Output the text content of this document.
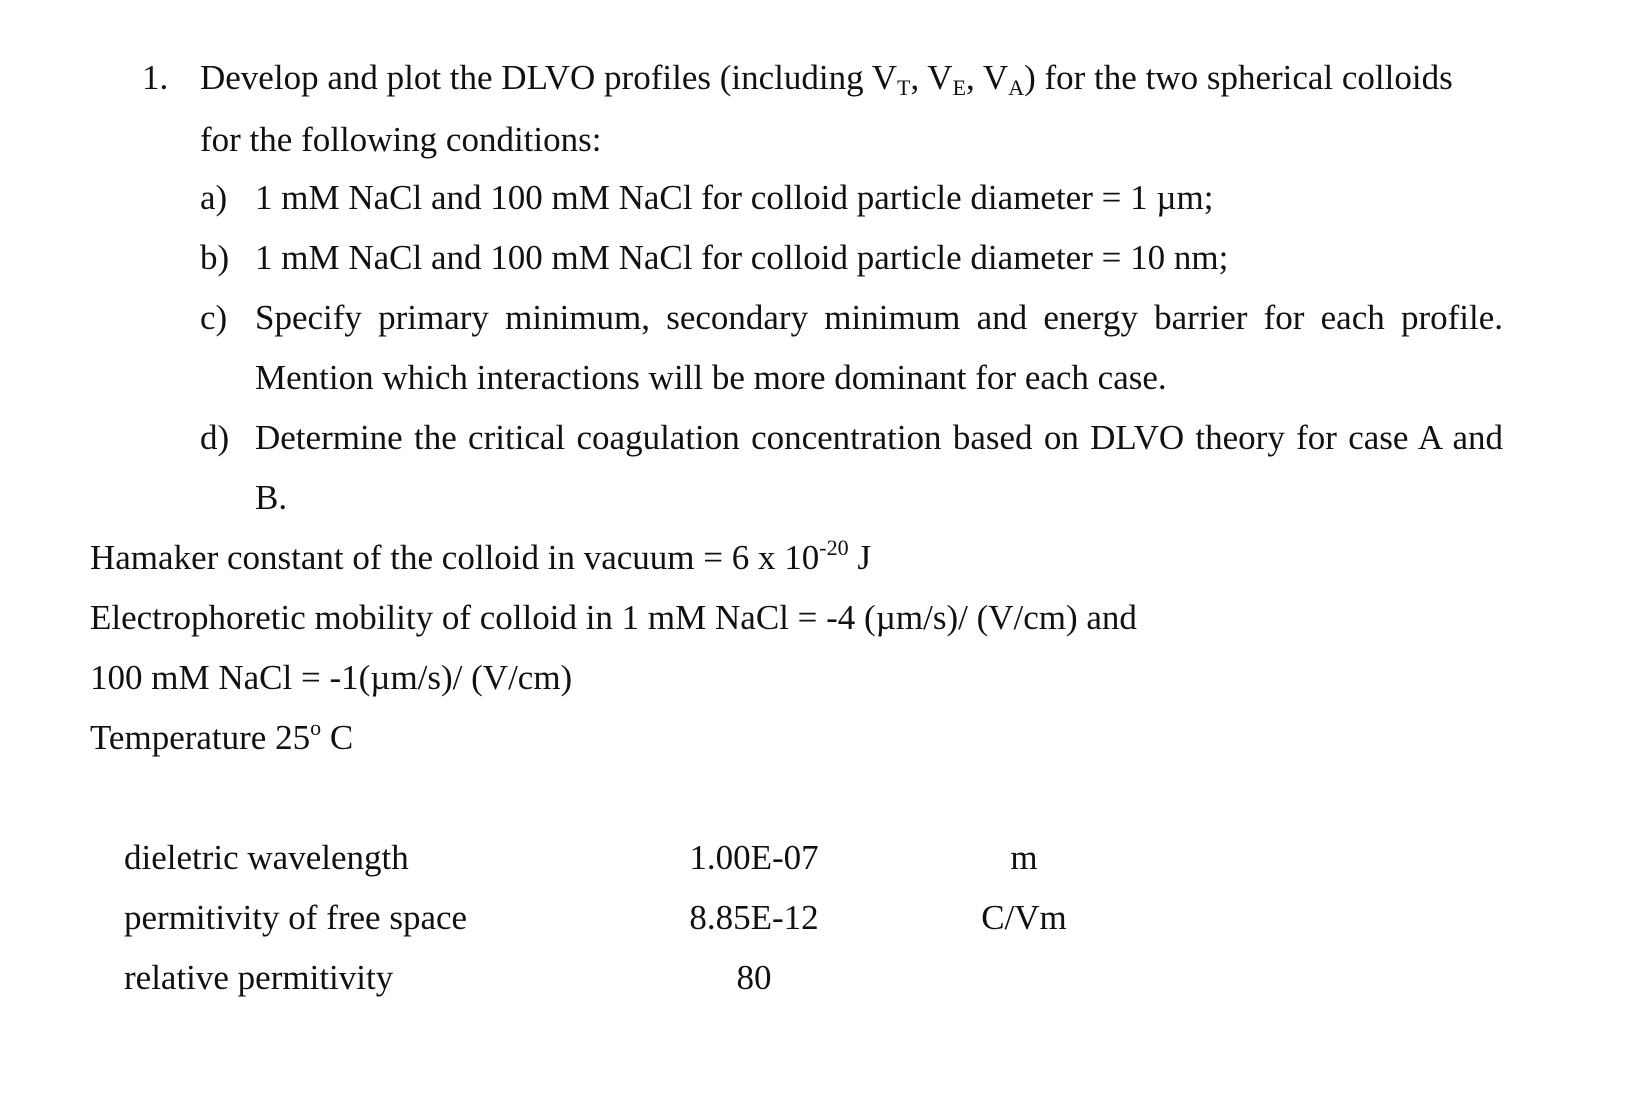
1. Develop and plot the DLVO profiles (including $V_T$, $V_E$, $V_A$) for the two spherical colloids
for the following conditions:
a) 1 mM NaCl and 100 mM NaCl for colloid particle diameter = 1 µm;
b) 1 mM NaCl and 100 mM NaCl for colloid particle diameter = 10 nm;
c) Specify primary minimum, secondary minimum and energy barrier for each profile.
Mention which interactions will be more dominant for each case.
d) Determine the critical coagulation concentration based on DLVO theory for case A and
B.
Hamaker constant of the colloid in vacuum = 6 x $10^{-20}$ J
Electrophoretic mobility of colloid in 1 mM NaCl = -4 (µm/s)/ (V/cm) and
100 mM NaCl = -1(µm/s)/ (V/cm)
Temperature 25$^o$ C
dieletric wavelength	1.00E-07	m
permitivity of free space	8.85E-12	C/Vm
relative permitivity	80
